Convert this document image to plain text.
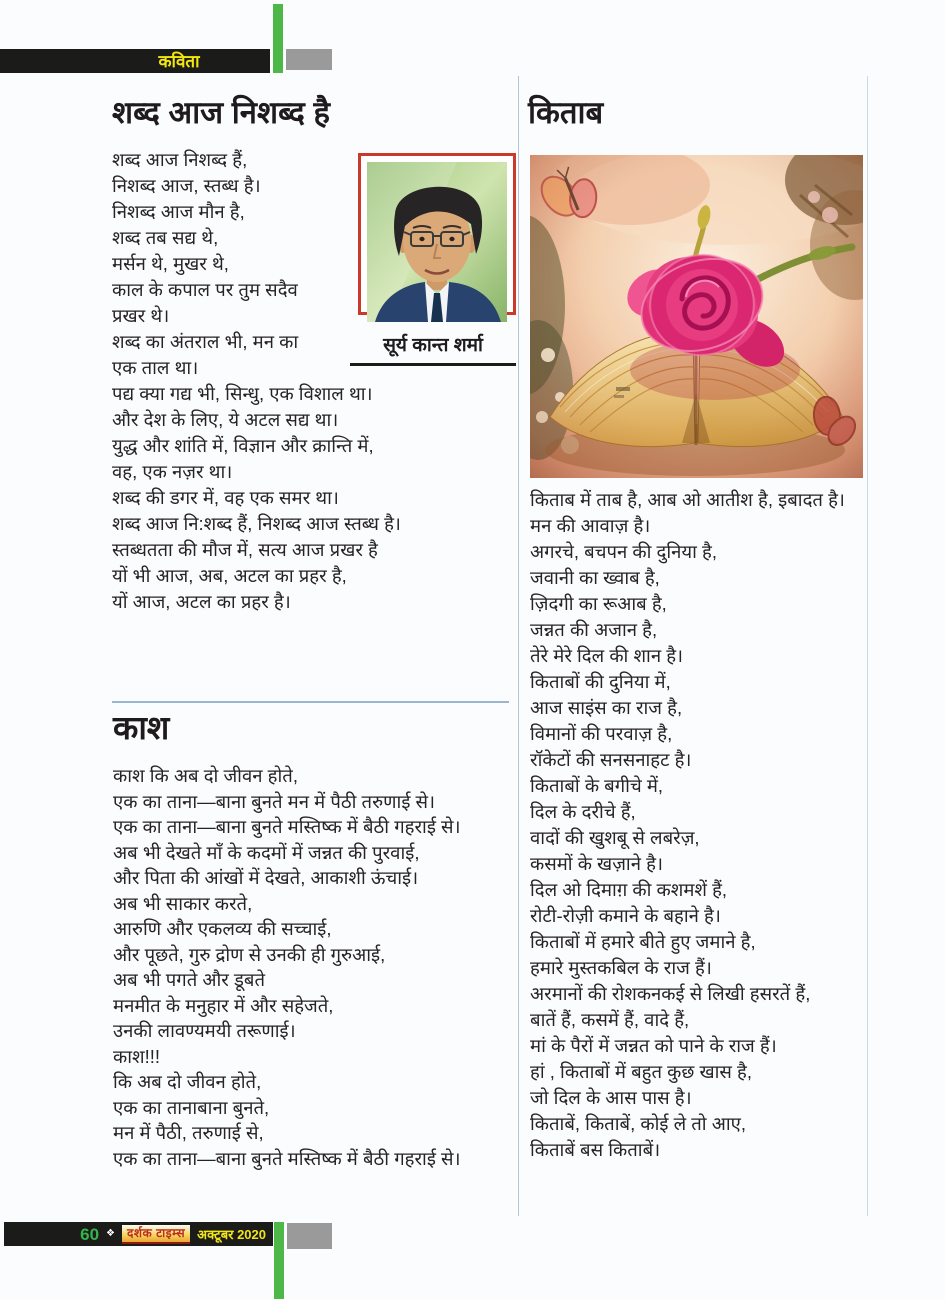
कविता
शब्द आज निशब्द है
सूर्य कान्त शर्मा
शब्द आज निशब्द हैं,
निशब्द आज, स्तब्ध है।
निशब्द आज मौन है,
शब्द तब सद्य थे,
मर्सन थे, मुखर थे,
काल के कपाल पर तुम सदैव
प्रखर थे।
शब्द का अंतराल भी, मन का
एक ताल था।
पद्य क्या गद्य भी, सिन्धु, एक विशाल था।
और देश के लिए, ये अटल सद्य था।
युद्ध और शांति में, विज्ञान और क्रान्ति में,
वह, एक नज़र था।
शब्द की डगर में, वह एक समर था।
शब्द आज नि:शब्द हैं, निशब्द आज स्तब्ध है।
स्तब्धतता की मौज में, सत्य आज प्रखर है
यों भी आज, अब, अटल का प्रहर है,
यों आज, अटल का प्रहर है।
काश
काश कि अब दो जीवन होते,
एक का ताना—बाना बुनते मन में पैठी तरुणाई से।
एक का ताना—बाना बुनते मस्तिष्क में बैठी गहराई से।
अब भी देखते माँ के कदमों में जन्नत की पुरवाई,
और पिता की आंखों में देखते, आकाशी ऊंचाई।
अब भी साकार करते,
आरुणि और एकलव्य की सच्चाई,
और पूछते, गुरु द्रोण से उनकी ही गुरुआई,
अब भी पगते और डूबते
मनमीत के मनुहार में और सहेजते,
उनकी लावण्यमयी तरूणाई।
काश!!!
कि अब दो जीवन होते,
एक का तानाबाना बुनते,
मन में पैठी, तरुणाई से,
एक का ताना—बाना बुनते मस्तिष्क में बैठी गहराई से।
किताब
किताब में ताब है, आब ओ आतीश है, इबादत है।
मन की आवाज़ है।
अगरचे, बचपन की दुनिया है,
जवानी का ख्वाब है,
ज़िदगी का रूआब है,
जन्नत की अजान है,
तेरे मेरे दिल की शान है।
किताबों की दुनिया में,
आज साइंस का राज है,
विमानों की परवाज़ है,
रॉकेटों की सनसनाहट है।
किताबों के बगीचे में,
दिल के दरीचे हैं,
वादों की खुशबू से लबरेज़,
कसमों के खज़ाने है।
दिल ओ दिमाग़ की कशमशें हैं,
रोटी-रोज़ी कमाने के बहाने है।
किताबों में हमारे बीते हुए जमाने है,
हमारे मुस्तकबिल के राज हैं।
अरमानों की रोशकनकई से लिखी हसरतें हैं,
बातें हैं, कसमें हैं, वादे हैं,
मां के पैरों में जन्नत को पाने के राज हैं।
हां , किताबों में बहुत कुछ खास है,
जो दिल के आस पास है।
किताबें, किताबें, कोई ले तो आए,
किताबें बस किताबें।
60 ❖	दर्शक टाइम्स अक्टूबर 2020
